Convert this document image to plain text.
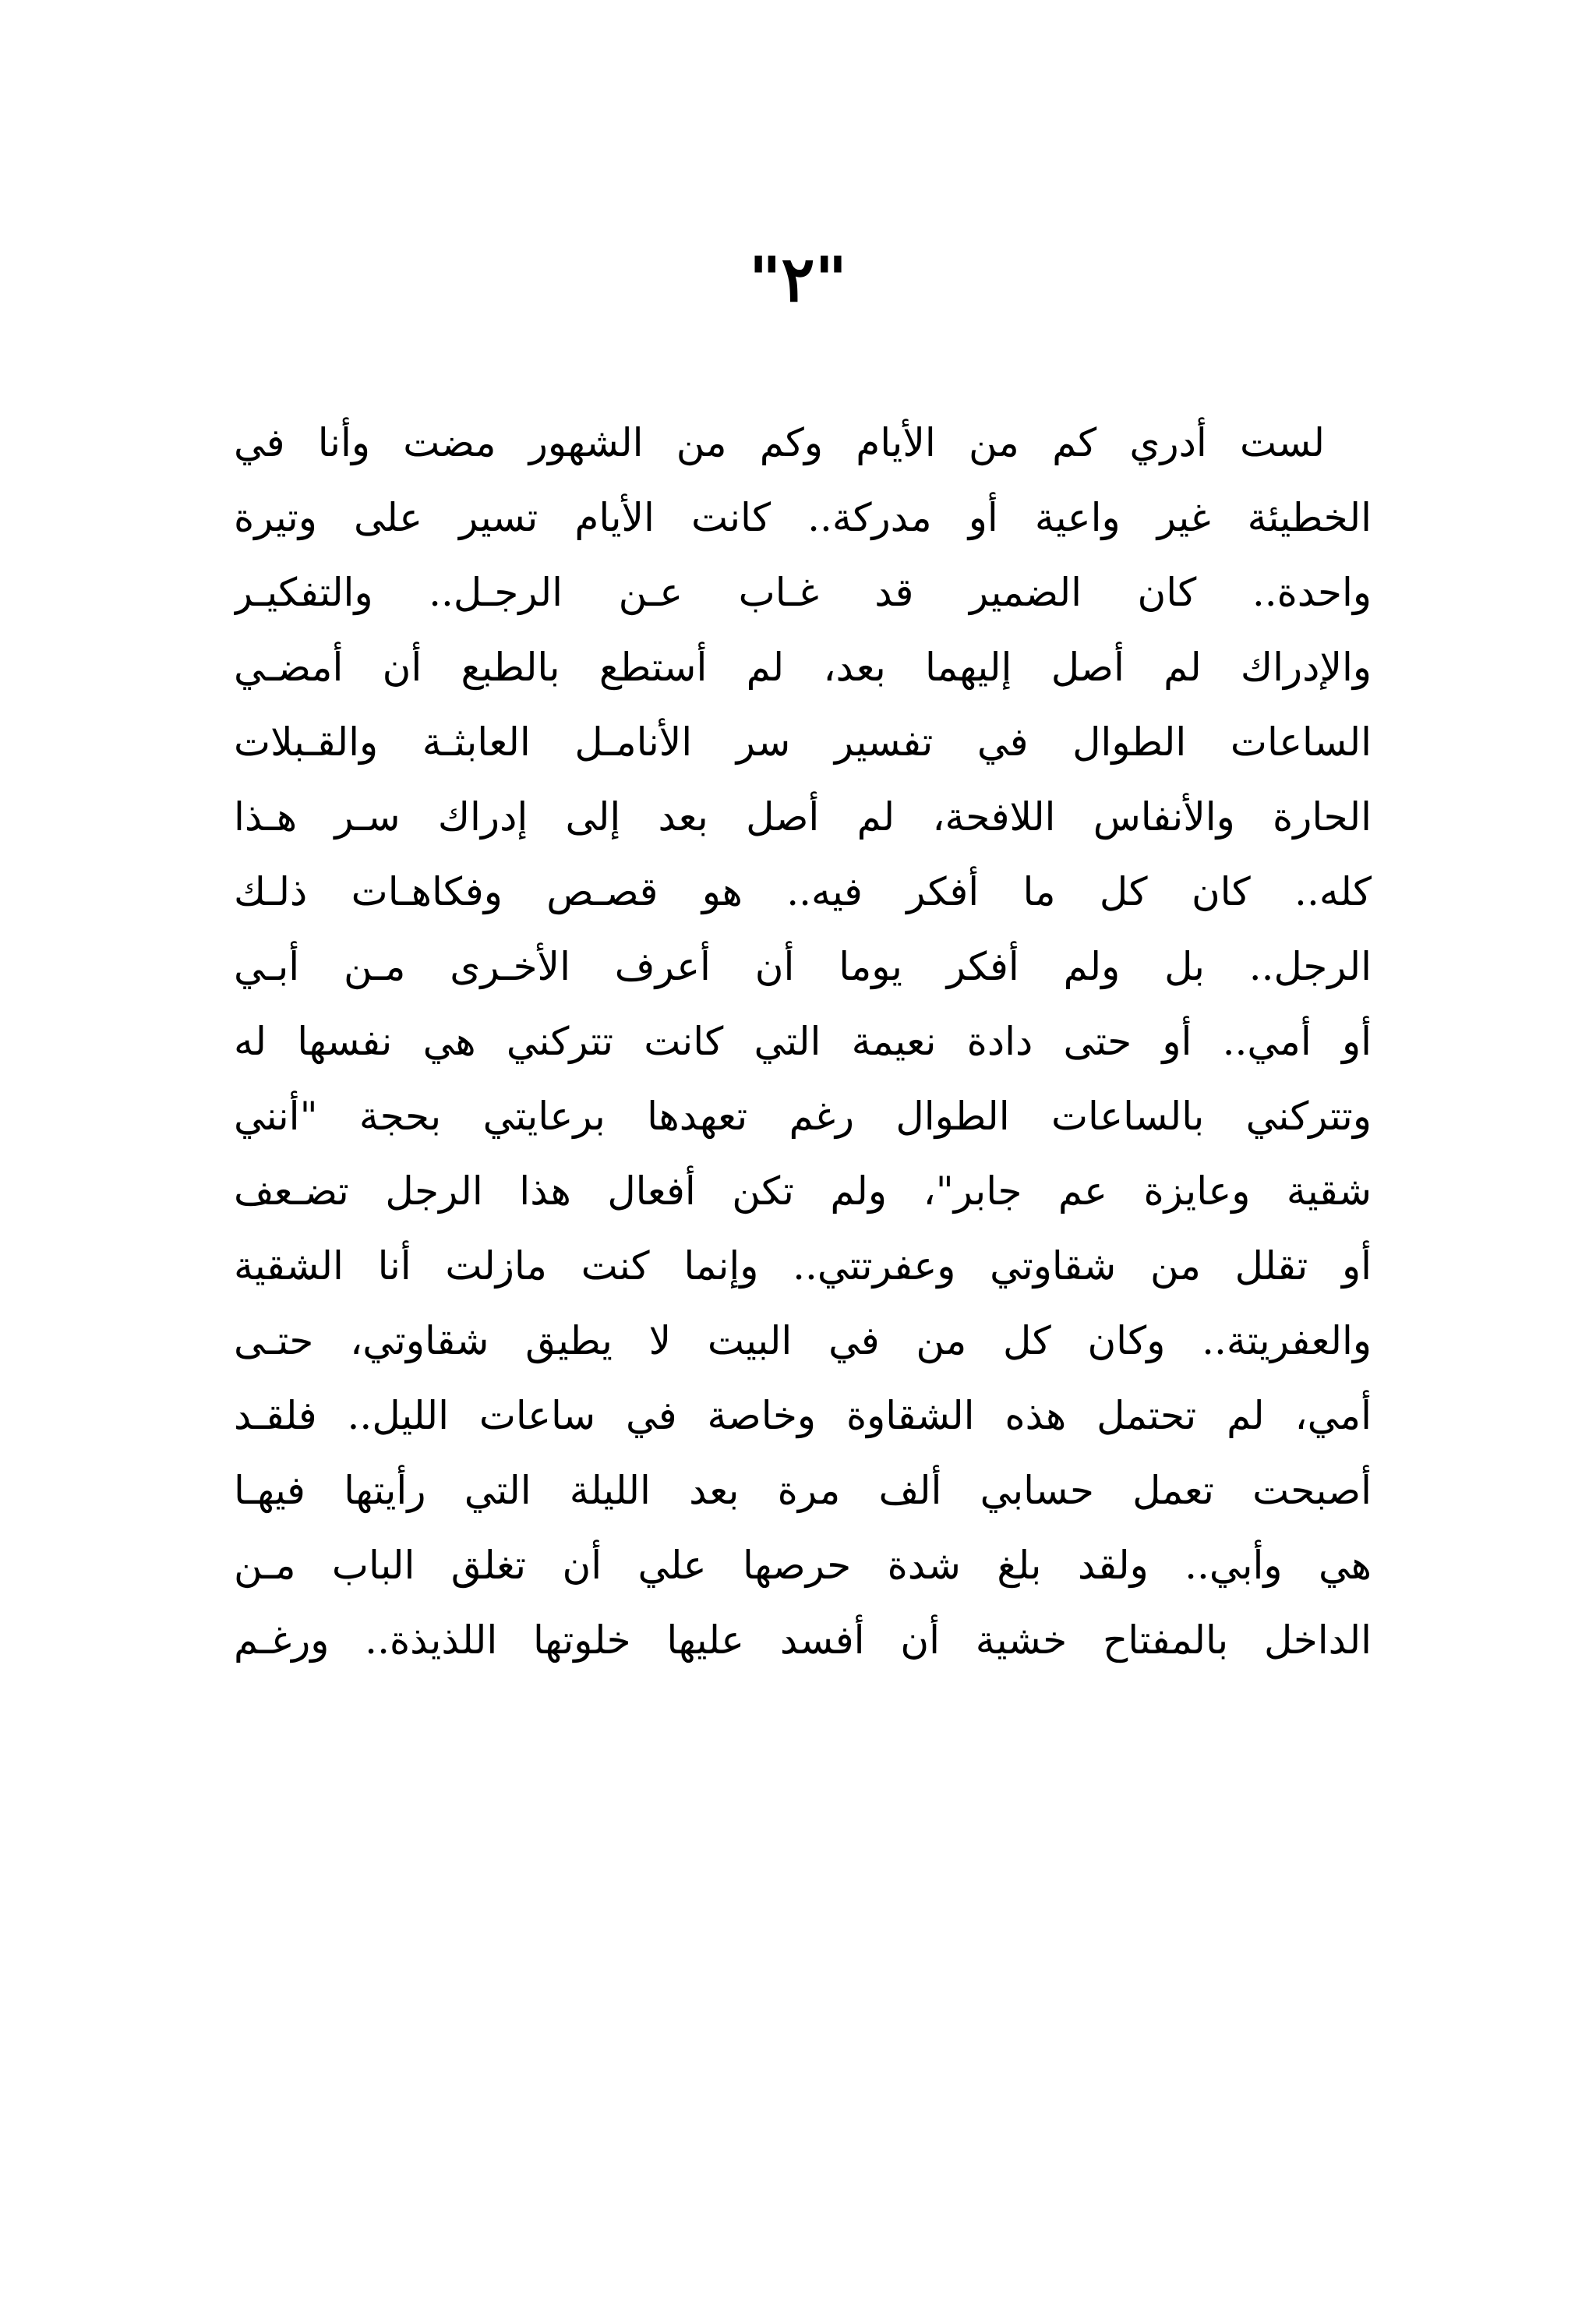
"٢"
لست أدري كم من الأيام وكم من الشهور مضت وأنا في
الخطيئة غير واعية أو مدركة.. كانت الأيام تسير على وتيرة
واحدة.. كان الضمير قد غـاب عـن الرجـل.. والتفكيـر
والإدراك لم أصل إليهما بعد، لم أستطع بالطبع أن أمضـي
الساعات الطوال في تفسير سر الأنامـل العابثـة والقـبلات
الحارة والأنفاس اللافحة، لم أصل بعد إلى إدراك سـر هـذا
كله.. كان كل ما أفكر فيه.. هو قصـص وفكاهـات ذلـك
الرجل.. بل ولم أفكر يوما أن أعرف الأخـرى مـن أبـي
أو أمي.. أو حتى دادة نعيمة التي كانت تتركني هي نفسها له
وتتركني بالساعات الطوال رغم تعهدها برعايتي بحجة "أنني
شقية وعايزة عم جابر"، ولم تكن أفعال هذا الرجل تضـعف
أو تقلل من شقاوتي وعفرتتي.. وإنما كنت مازلت أنا الشقية
والعفريتة.. وكان كل من في البيت لا يطيق شقاوتي، حتـى
أمي، لم تحتمل هذه الشقاوة وخاصة في ساعات الليل.. فلقـد
أصبحت تعمل حسابي ألف مرة بعد الليلة التي رأيتها فيهـا
هي وأبي.. ولقد بلغ شدة حرصها علي أن تغلق الباب مـن
الداخل بالمفتاح خشية أن أفسد عليها خلوتها اللذيذة.. ورغـم
